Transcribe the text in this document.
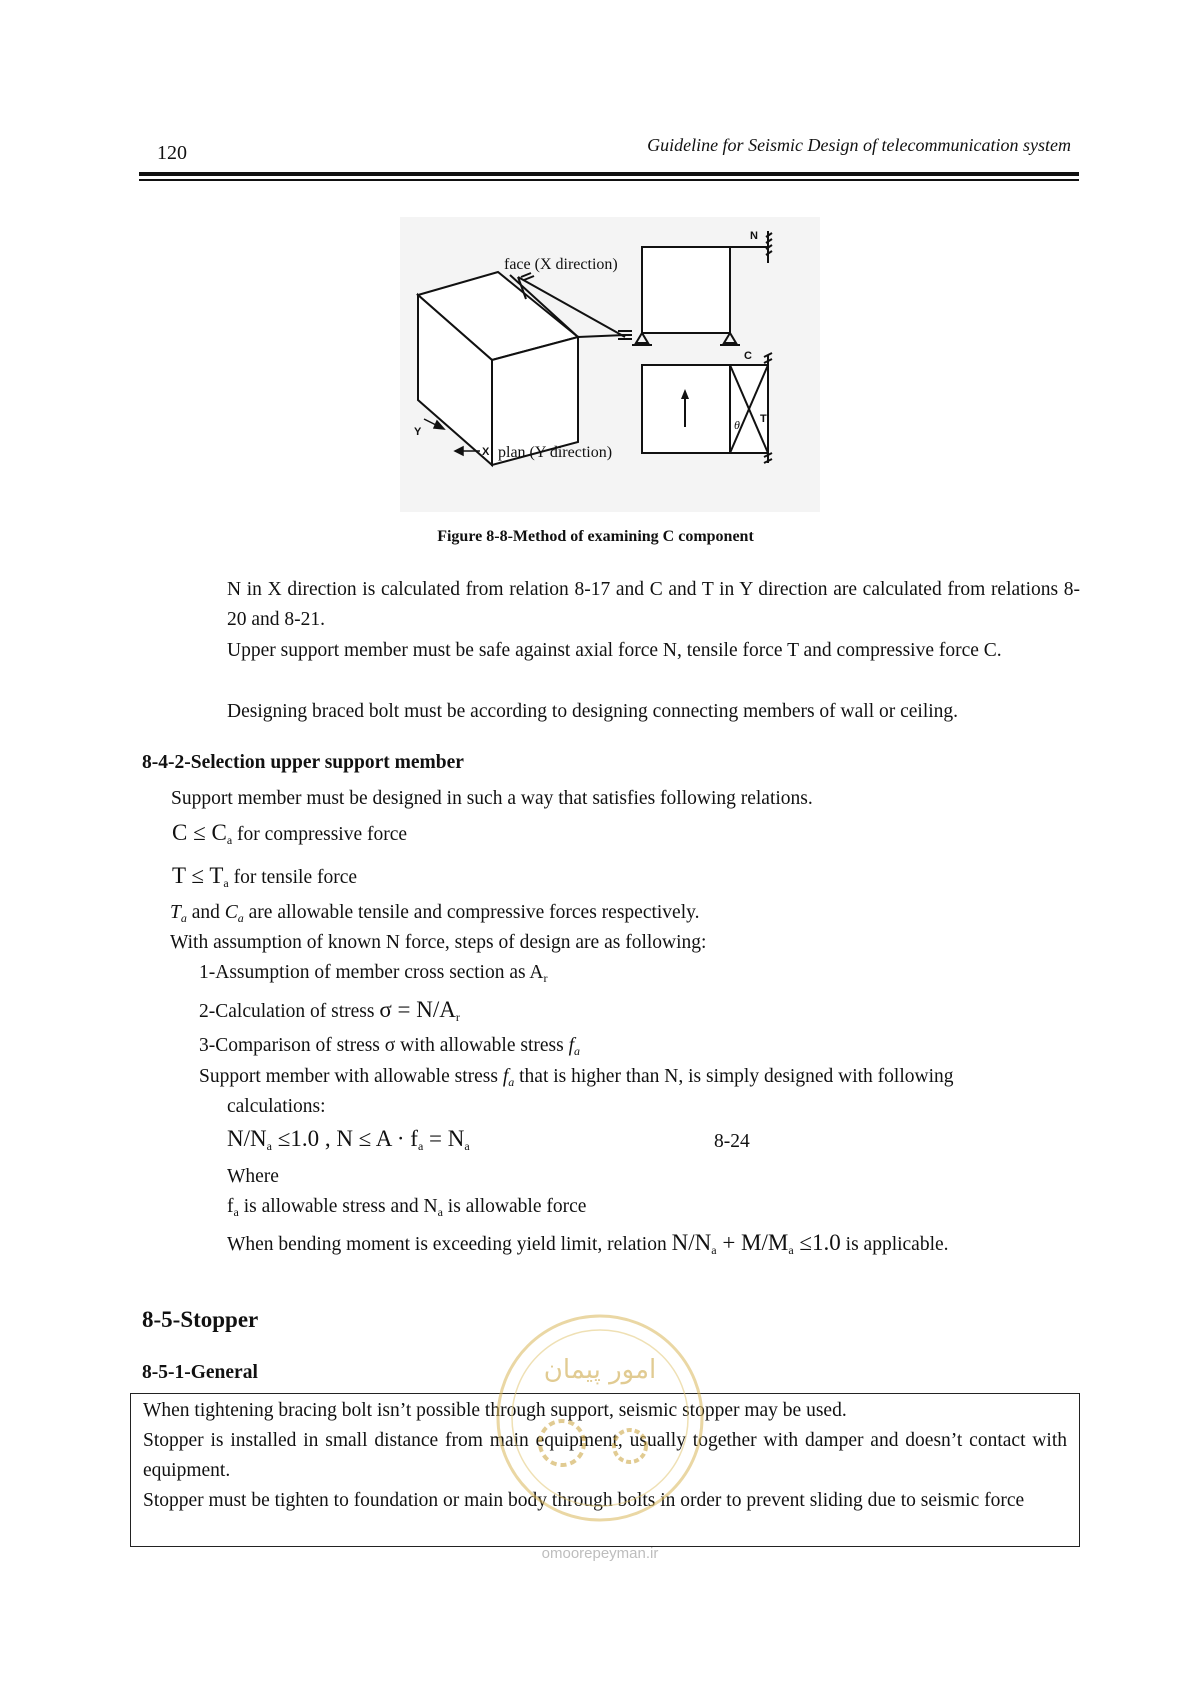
120	Guideline for Seismic Design of telecommunication system
Y
X
face (X direction)
plan (Y direction)
N
C
T
θ
Figure 8-8-Method of examining C component
N in X direction is calculated from relation 8-17 and C and T in Y direction are calculated from relations 8-20 and 8-21.
Upper support member must be safe against axial force N, tensile force T and compressive force C.
Designing braced bolt must be according to designing connecting members of wall or ceiling.
8-4-2-Selection upper support member
Support member must be designed in such a way that satisfies following relations.
$C \le C_a$ for compressive force
$T \le T_a$ for tensile force
$T_a$ and $C_a$ are allowable tensile and compressive forces respectively.
With assumption of known N force, steps of design are as following:
1-Assumption of member cross section as $A_r$
2-Calculation of stress $\sigma = N/A_r$
3-Comparison of stress σ with allowable stress $f_a$
Support member with allowable stress $f_a$ that is higher than N, is simply designed with following
calculations:
$N/N_a \le 1.0$ , $N \le A \cdot f_a = N_a$	8-24
Where
$f_a$ is allowable stress and $N_a$ is allowable force
When bending moment is exceeding yield limit, relation $N/N_a + M/M_a \le 1.0$ is applicable.
8-5-Stopper
8-5-1-General

When tightening bracing bolt isn’t possible through support, seismic stopper may be used.

Stopper is installed in small distance from main equipment, usually together with damper and doesn’t contact with equipment.

Stopper must be tighten to foundation or main body through bolts in order to prevent sliding due to seismic force

امور پیمان
omoorepeyman.ir
